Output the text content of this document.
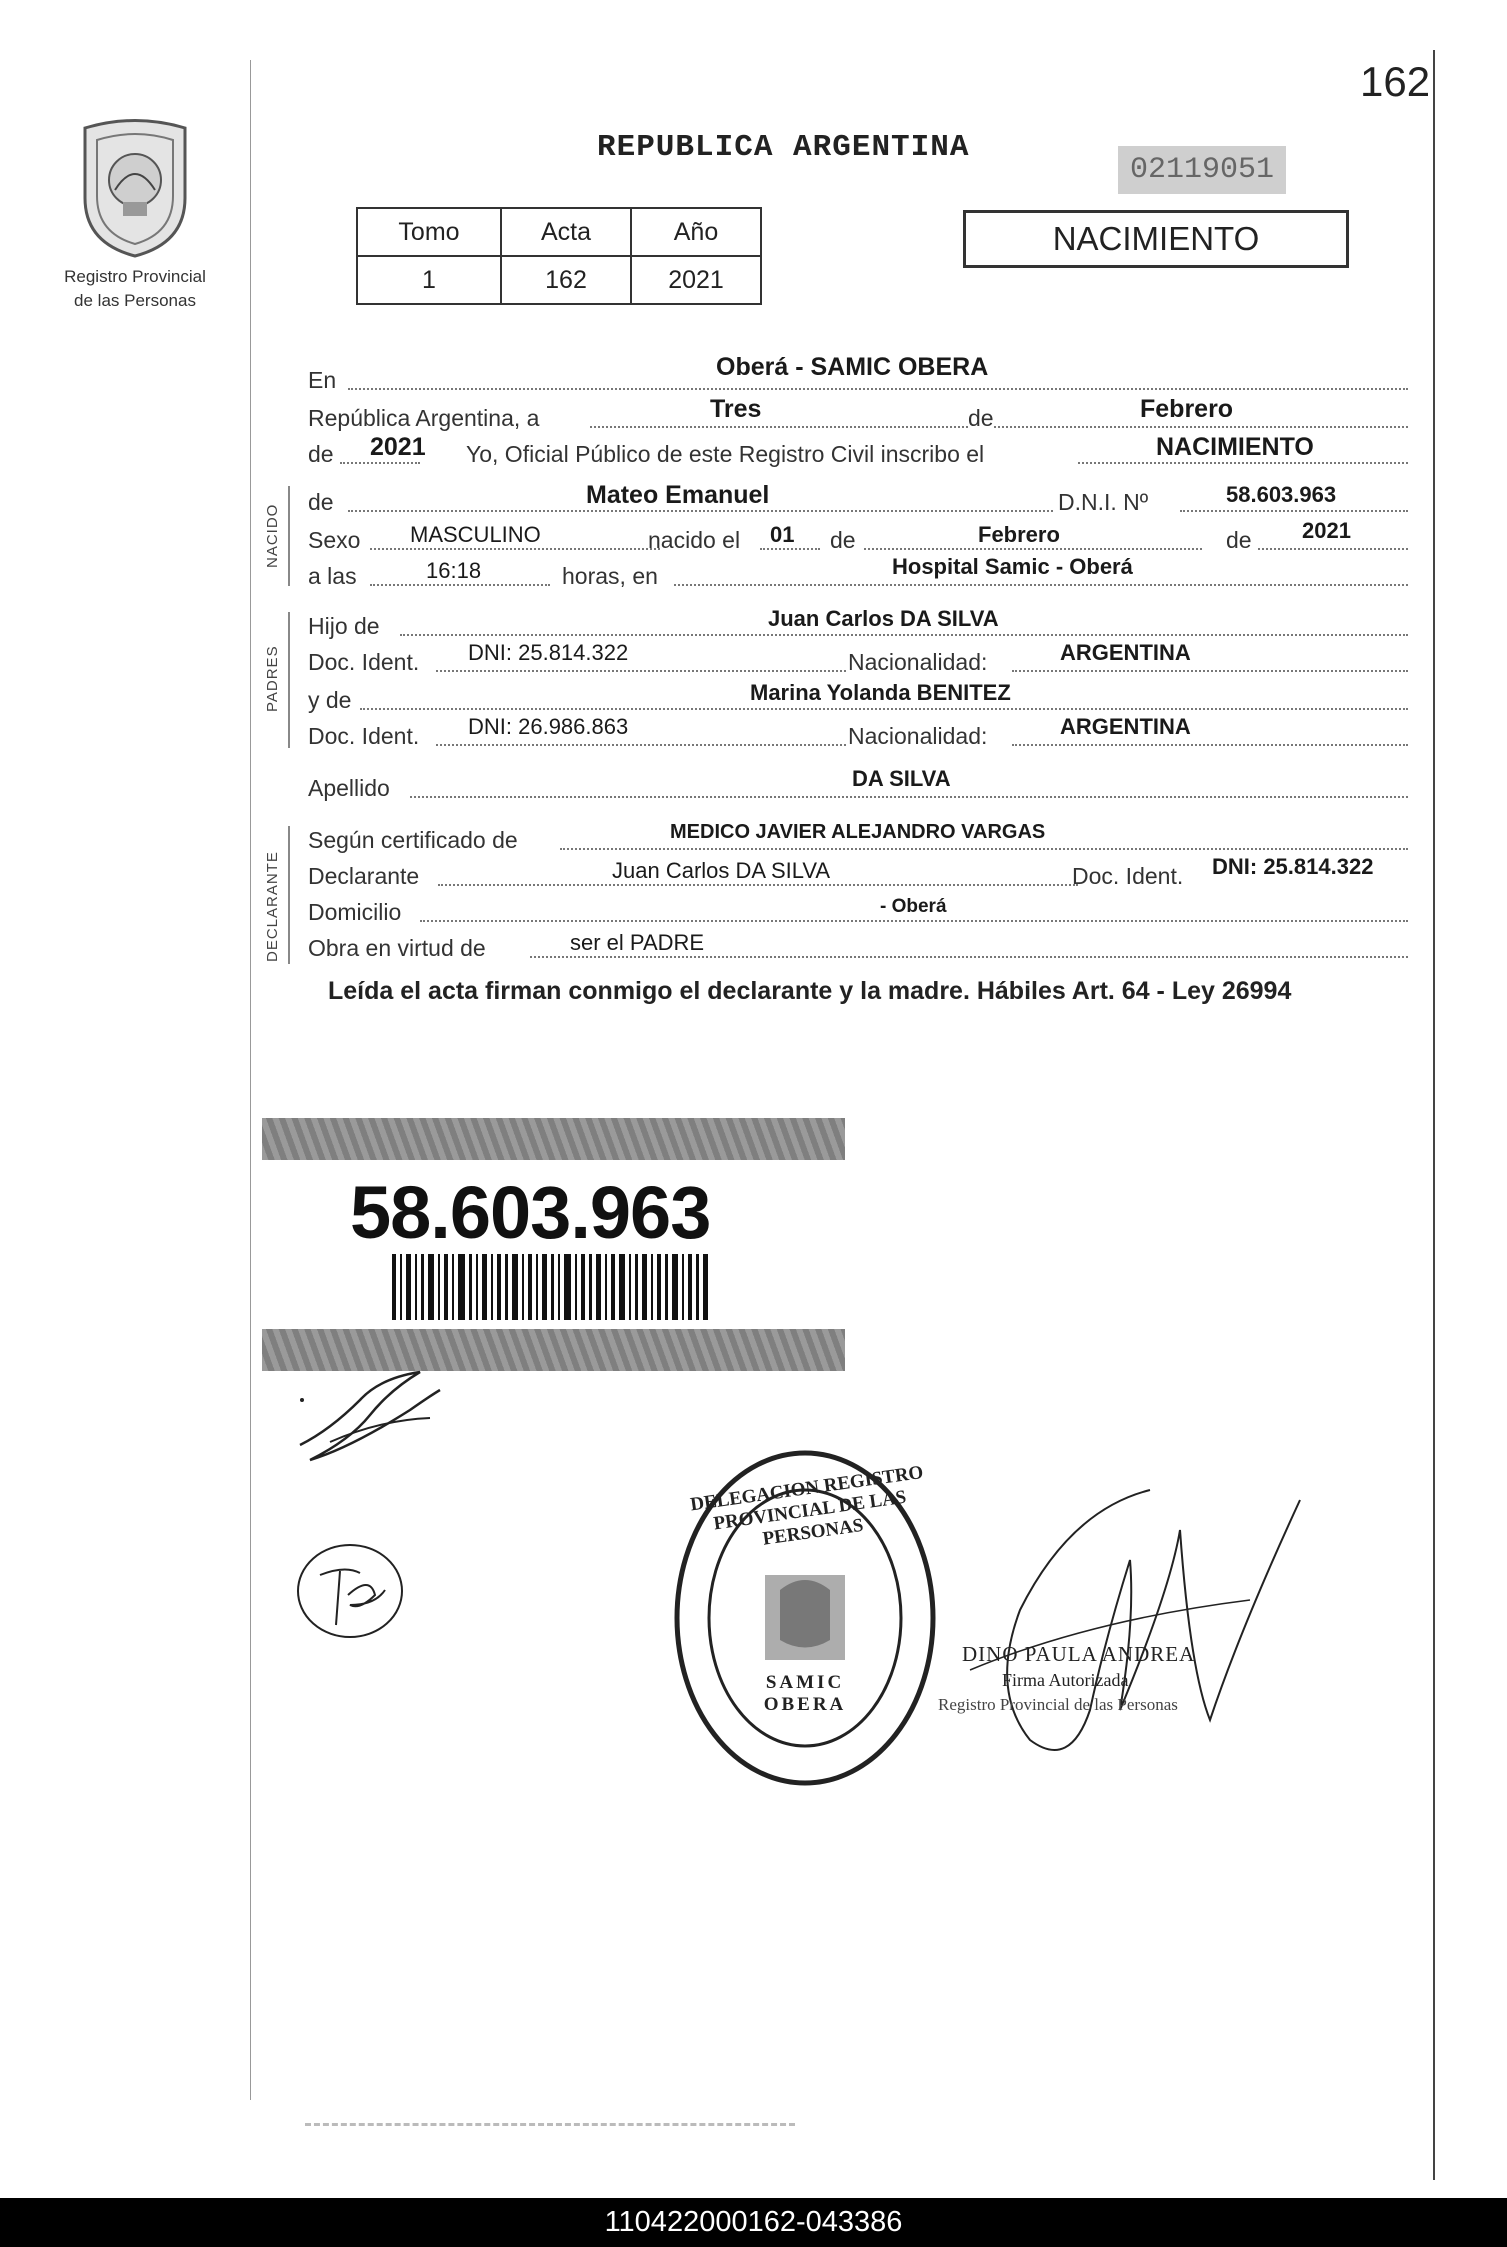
162
Registro Provincial
de las Personas
REPUBLICA ARGENTINA
02119051
Tomo	Acta	Año
1	162	2021
NACIMIENTO
En	Oberá - SAMIC OBERA
República Argentina, a	Tres	de	Febrero
de 2021 Yo, Oficial Público de este Registro Civil inscribo el	NACIMIENTO
NACIDO
de	Mateo Emanuel	D.N.I. Nº	58.603.963
Sexo MASCULINO	nacido el 01 de	Febrero	de 2021
a las	16:18	horas, en	Hospital Samic - Oberá
PADRES
Hijo de	Juan Carlos DA SILVA
Doc. Ident. DNI: 25.814.322	Nacionalidad:	ARGENTINA
y de	Marina Yolanda BENITEZ
Doc. Ident. DNI: 26.986.863	Nacionalidad:	ARGENTINA
Apellido	DA SILVA
DECLARANTE
Según certificado de	MEDICO JAVIER ALEJANDRO VARGAS
Declarante	Juan Carlos DA SILVA	Doc. Ident. DNI: 25.814.322
Domicilio	- Oberá
Obra en virtud de	ser el PADRE
Leída el acta firman conmigo el declarante y la madre. Hábiles Art. 64 - Ley 26994
58.603.963
DELEGACION REGISTRO PROVINCIAL DE LAS PERSONAS
SAMIC OBERA
DINO PAULA ANDREA
Firma Autorizada
Registro Provincial de las Personas
110422000162-043386
